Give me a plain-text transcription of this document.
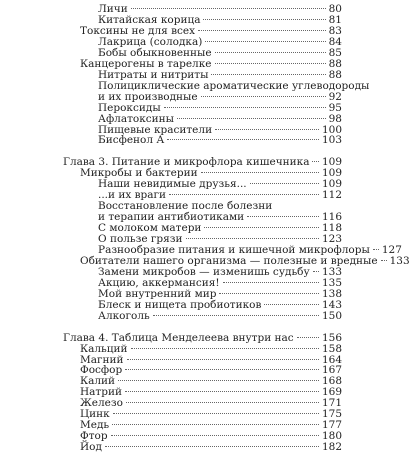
Личи	80
Китайская корица	81
Токсины не для всех	83
Лакрица (солодка)	84
Бобы обыкновенные	85
Канцерогены в тарелке	88
Нитраты и нитриты	88
Полициклические ароматические углеводороды
и их производные	92
Пероксиды	95
Афлатоксины	98
Пищевые красители	100
Бисфенол А	103
Глава 3. Питание и микрофлора кишечника 109
Микробы и бактерии	109
Наши невидимые друзья...	109
...и их враги	112
Восстановление после болезни
и терапии антибиотиками	116
С молоком матери	118
О пользе грязи	123
Разнообразие питания и кишечной микрофлоры 127
Обитатели нашего организма — полезные и вредные 133
Замени микробов — изменишь судьбу 133
Акцию, аккермансия!	135
Мой внутренний мир	138
Блеск и нищета пробиотиков	143
Алкоголь	150
Глава 4. Таблица Менделеева внутри нас	156
Кальций	158
Магний	164
Фосфор	167
Калий	168
Натрий	169
Железо	171
Цинк	175
Медь	177
Фтор	180
Йод	182
